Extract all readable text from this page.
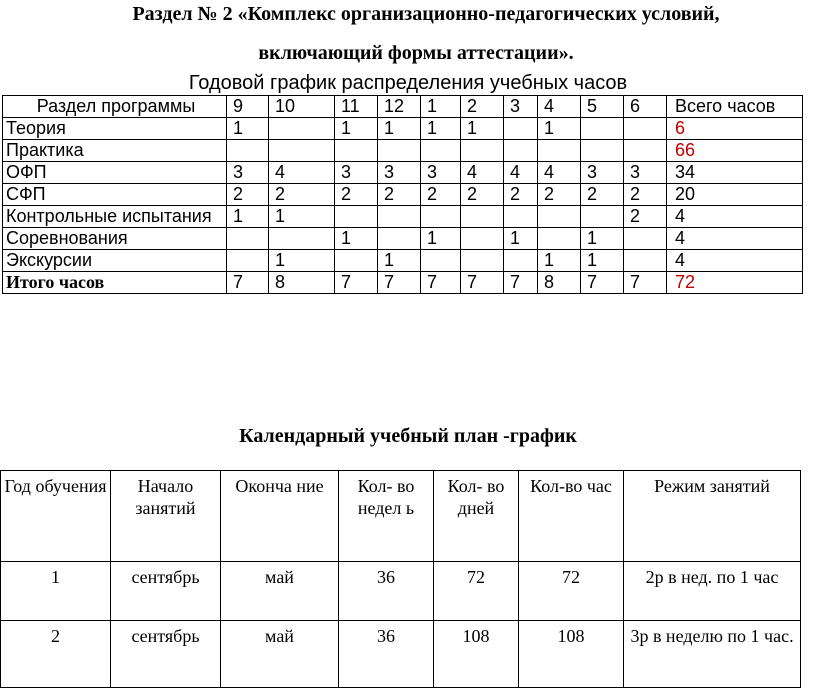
Раздел № 2 «Комплекс организационно-педагогических условий,
включающий формы аттестации».
Годовой график распределения учебных часов
Раздел программы	9	10	11	12	1	2	3	4	5	6	Всего часов
Теория	1		1	1	1	1		1			6
Практика											66
ОФП	3	4	3	3	3	4	4	4	3	3	34
СФП	2	2	2	2	2	2	2	2	2	2	20
Контрольные испытания	1	1								2	4
Соревнования			1		1		1		1		4
Экскурсии		1		1				1	1		4
Итого часов	7	8	7	7	7	7	7	8	7	7	72
Календарный учебный план -график
Год обучения	Начало занятий	Оконча ние	Кол- во недел ь	Кол- во дней	Кол-во час	Режим занятий
1	сентябрь	май	36	72	72	2р в нед. по 1 час
2	сентябрь	май	36	108	108	3р в неделю по 1 час.
